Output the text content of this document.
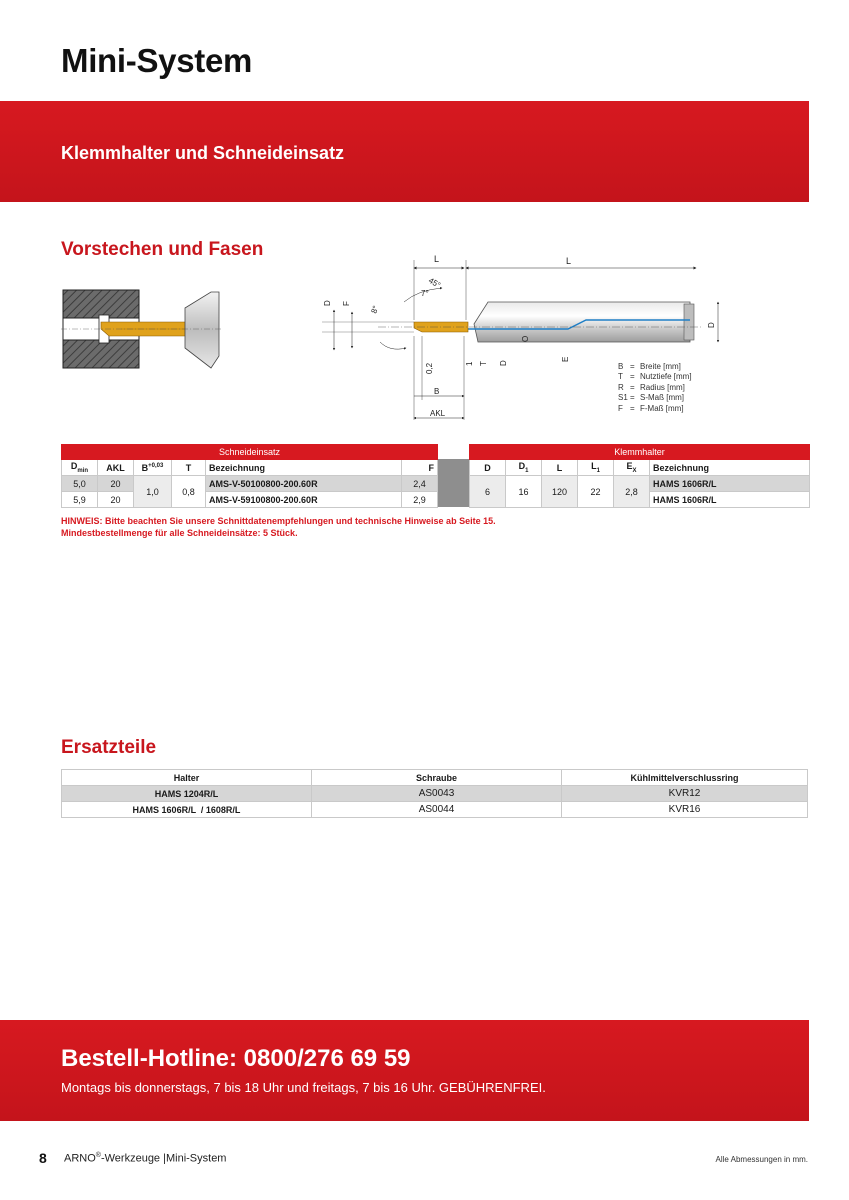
Mini-System
Klemmhalter und Schneideinsatz
Vorstechen und Fasen
L
L
45°
7°
8°
D F
D
0,2	1 T D
O
E
B
AKL
B = Breite [mm]
T = Nutztiefe [mm]
R = Radius [mm]
S1 = S-Maß [mm]
F = F-Maß [mm]
Schneideinsatz					
$D_{min}$	AKL	$B^{+0,03}$	T	Bezeichnung	F
5,0	20	1,0	0,8	AMS-V-50100800-200.60R	2,4
5,9	20			AMS-V-59100800-200.60R	2,9
Klemmhalter					
D	$D_1$	L	$L_1$	$E_X$	Bezeichnung
6	16	120	22	2,8	HAMS 1606R/L
					HAMS 1606R/L
HINWEIS: Bitte beachten Sie unsere Schnittdatenempfehlungen und technische Hinweise ab Seite 15.
Mindestbestellmenge für alle Schneideinsätze: 5 Stück.
Ersatzteile
Halter	Schraube	Kühlmittelverschlussring
HAMS 1204R/L	AS0043	KVR12
HAMS 1606R/L  / 1608R/L	AS0044	KVR16
Bestell-Hotline: 0800/276 69 59
Montags bis donnerstags, 7 bis 18 Uhr und freitags, 7 bis 16 Uhr. GEBÜHRENFREI.
8 ARNO®-Werkzeuge |Mini-System	Alle Abmessungen in mm.
